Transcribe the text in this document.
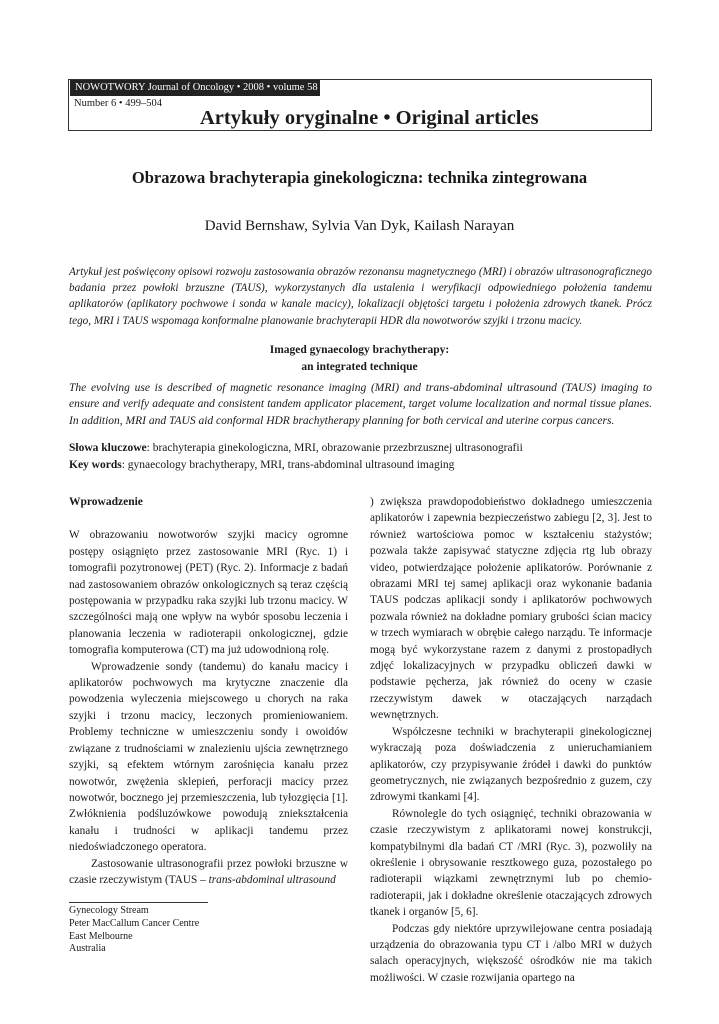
NOWOTWORY Journal of Oncology • 2008 • volume 58
Number 6 • 499–504
Artykuły oryginalne • Original articles
Obrazowa brachyterapia ginekologiczna: technika zintegrowana
David Bernshaw, Sylvia Van Dyk, Kailash Narayan

Artykuł jest poświęcony opisowi rozwoju zastosowania obrazów rezonansu magnetycznego (MRI) i obrazów ultrasonograficznego badania przez powłoki brzuszne (TAUS), wykorzystanych dla ustalenia i weryfikacji odpowiedniego położenia tandemu aplikatorów (aplikatory pochwowe i sonda w kanale macicy), lokalizacji objętości targetu i położenia zdrowych tkanek. Prócz tego, MRI i TAUS wspomaga konformalne planowanie brachyterapii HDR dla nowotworów szyjki i trzonu macicy.

Imaged gynaecology brachytherapy:
an integrated technique

The evolving use is described of magnetic resonance imaging (MRI) and trans-abdominal ultrasound (TAUS) imaging to ensure and verify adequate and consistent tandem applicator placement, target volume localization and normal tissue planes. In addition, MRI and TAUS aid conformal HDR brachytherapy planning for both cervical and uterine corpus cancers.

Słowa kluczowe: brachyterapia ginekologiczna, MRI, obrazowanie przezbrzusznej ultrasonografii
Key words: gynaecology brachytherapy, MRI, trans-abdominal ultrasound imaging
Wprowadzenie

W obrazowaniu nowotworów szyjki macicy ogromne postępy osiągnięto przez zastosowanie MRI (Ryc. 1) i tomografii pozytronowej (PET) (Ryc. 2). Informacje z badań nad zastosowaniem obrazów onkologicznych są teraz częścią postępowania w przypadku raka szyjki lub trzonu macicy. W szczególności mają one wpływ na wybór sposobu leczenia i planowania leczenia w radioterapii onkologicznej, gdzie tomografia komputerowa (CT) ma już udowodnioną rolę.

Wprowadzenie sondy (tandemu) do kanału macicy i aplikatorów pochwowych ma krytyczne znaczenie dla powodzenia wyleczenia miejscowego u chorych na raka szyjki i trzonu macicy, leczonych promieniowaniem. Problemy techniczne w umieszczeniu sondy i owoidów związane z trudnościami w znalezieniu ujścia zewnętrznego szyjki, są efektem wtórnym zarośnięcia kanału przez nowotwór, zwężenia sklepień, perforacji macicy przez nowotwór, bocznego jej przemieszczenia, lub tyłozgięcia [1]. Zwłóknienia podśluzówkowe powodują zniekształcenia kanału i trudności w aplikacji tandemu przez niedoświadczonego operatora.

Zastosowanie ultrasonografii przez powłoki brzuszne w czasie rzeczywistym (TAUS – trans-abdominal ultrasound

) zwiększa prawdopodobieństwo dokładnego umieszczenia aplikatorów i zapewnia bezpieczeństwo zabiegu [2, 3]. Jest to również wartościowa pomoc w kształceniu stażystów; pozwala także zapisywać statyczne zdjęcia rtg lub obrazy video, potwierdzające położenie aplikatorów. Porównanie z obrazami MRI tej samej aplikacji oraz wykonanie badania TAUS podczas aplikacji sondy i aplikatorów pochwowych pozwala również na dokładne pomiary grubości ścian macicy w trzech wymiarach w obrębie całego narządu. Te informacje mogą być wykorzystane razem z danymi z prostopadłych zdjęć lokalizacyjnych w przypadku obliczeń dawki w podstawie pęcherza, jak również do oceny w czasie rzeczywistym dawek w otaczających narządach wewnętrznych.

Współczesne techniki w brachyterapii ginekologicznej wykraczają poza doświadczenia z unieruchamianiem aplikatorów, czy przypisywanie źródeł i dawki do punktów geometrycznych, nie związanych bezpośrednio z guzem, czy zdrowymi tkankami [4].

Równolegle do tych osiągnięć, techniki obrazowania w czasie rzeczywistym z aplikatorami nowej konstrukcji, kompatybilnymi dla badań CT /MRI (Ryc. 3), pozwoliły na określenie i obrysowanie resztkowego guza, pozostałego po radioterapii wiązkami zewnętrznymi lub po chemio-radioterapii, jak i dokładne określenie otaczających zdrowych tkanek i organów [5, 6].

Podczas gdy niektóre uprzywilejowane centra posiadają urządzenia do obrazowania typu CT i /albo MRI w dużych salach operacyjnych, większość ośrodków nie ma takich możliwości. W czasie rozwijania opartego na

Gynecology Stream
Peter MacCallum Cancer Centre
East Melbourne
Australia
